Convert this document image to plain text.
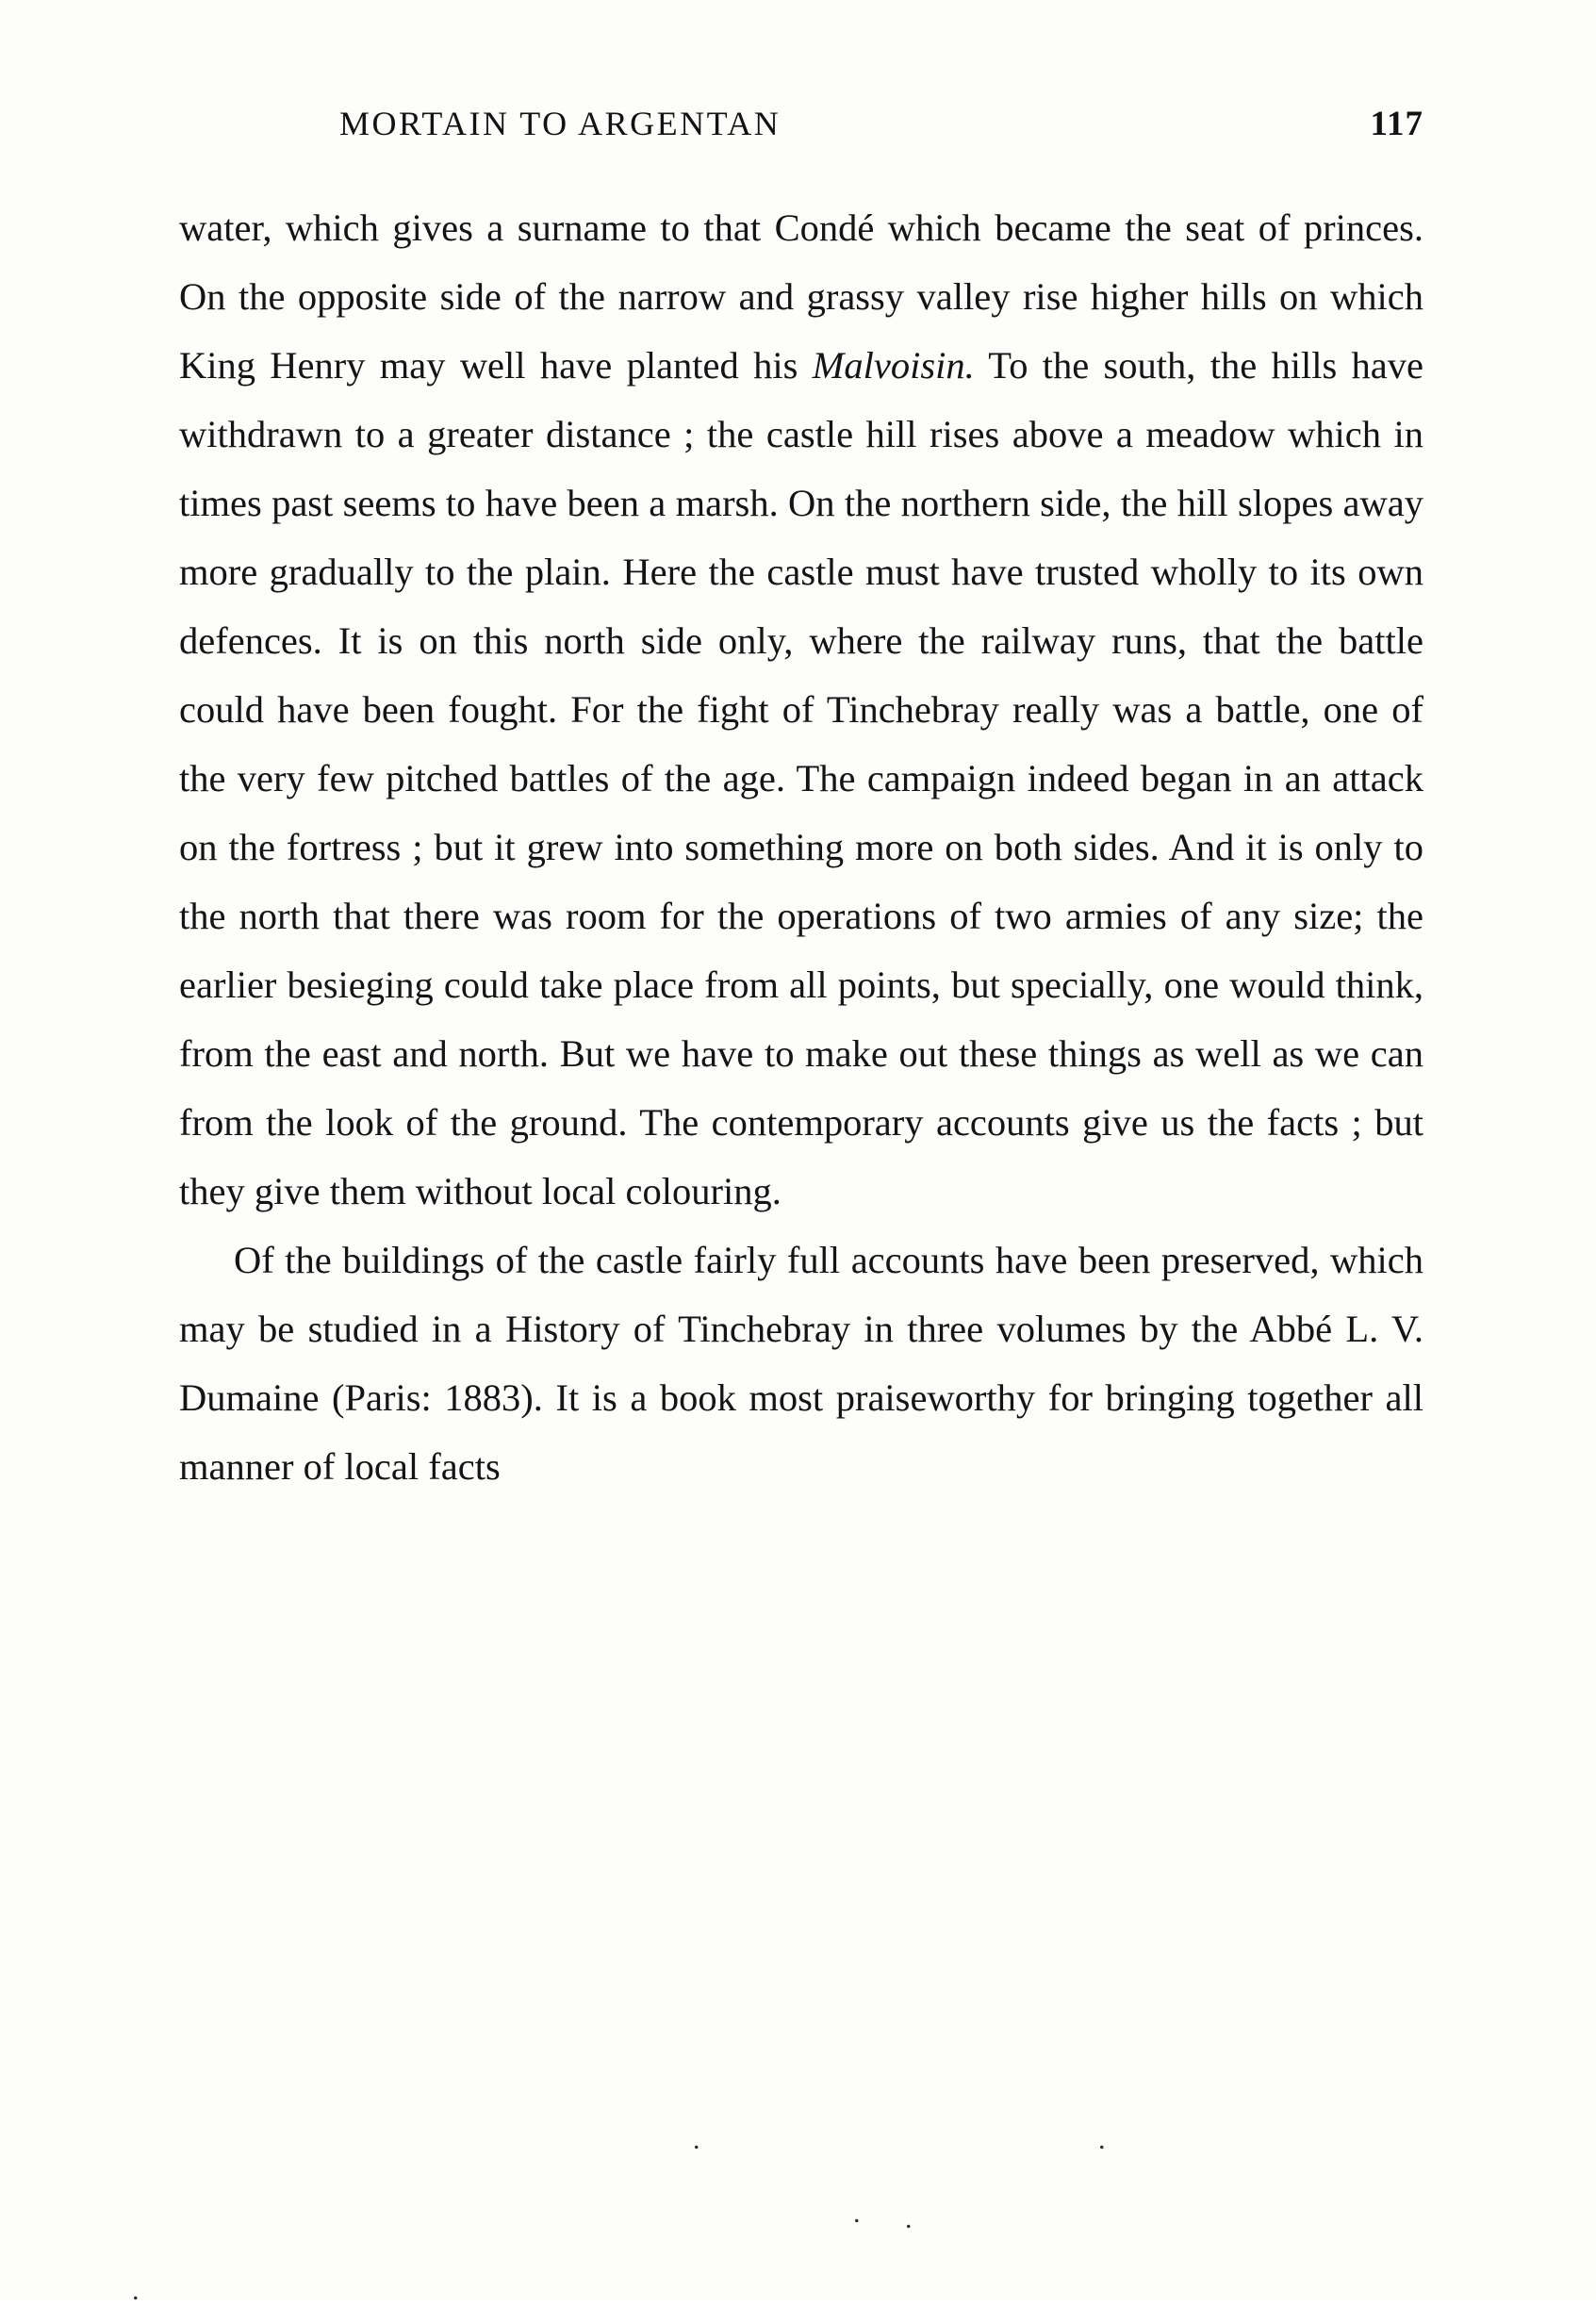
MORTAIN TO ARGENTAN	117

water, which gives a surname to that Condé which became the seat of princes. On the opposite side of the narrow and grassy valley rise higher hills on which King Henry may well have planted his Malvoisin. To the south, the hills have withdrawn to a greater distance ; the castle hill rises above a meadow which in times past seems to have been a marsh. On the northern side, the hill slopes away more gradually to the plain. Here the castle must have trusted wholly to its own defences. It is on this north side only, where the railway runs, that the battle could have been fought. For the fight of Tinchebray really was a battle, one of the very few pitched battles of the age. The campaign indeed began in an attack on the fortress ; but it grew into something more on both sides. And it is only to the north that there was room for the operations of two armies of any size; the earlier besieging could take place from all points, but specially, one would think, from the east and north. But we have to make out these things as well as we can from the look of the ground. The contemporary accounts give us the facts ; but they give them without local colouring.

Of the buildings of the castle fairly full accounts have been preserved, which may be studied in a History of Tinchebray in three volumes by the Abbé L. V. Dumaine (Paris: 1883). It is a book most praiseworthy for bringing together all manner of local facts

.	.
. .
.
